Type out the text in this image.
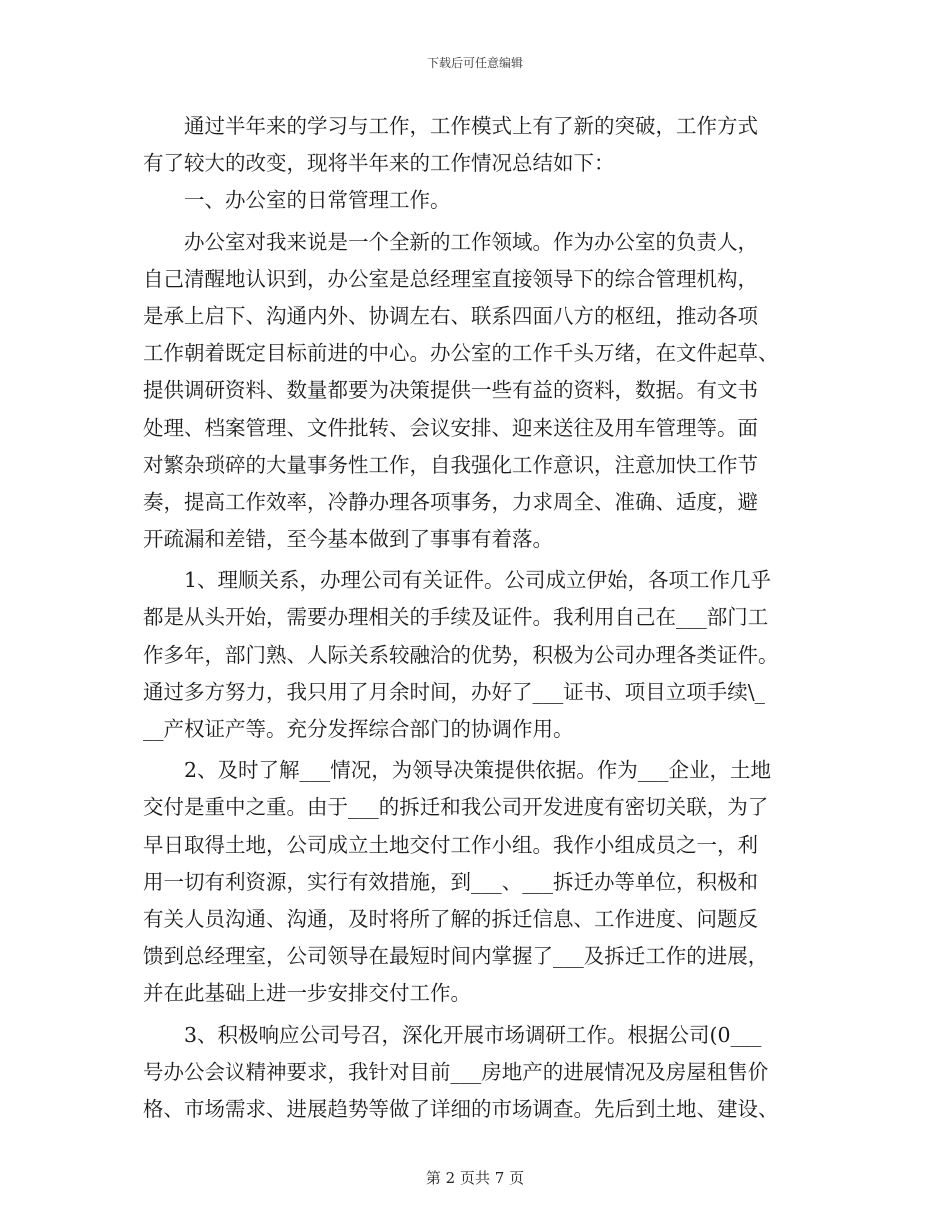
下载后可任意编辑
通过半年来的学习与工作，工作模式上有了新的突破，工作方式
有了较大的改变，现将半年来的工作情况总结如下：
一、办公室的日常管理工作。
办公室对我来说是一个全新的工作领域。作为办公室的负责人，
自己清醒地认识到，办公室是总经理室直接领导下的综合管理机构，
是承上启下、沟通内外、协调左右、联系四面八方的枢纽，推动各项
工作朝着既定目标前进的中心。办公室的工作千头万绪，在文件起草、
提供调研资料、数量都要为决策提供一些有益的资料，数据。有文书
处理、档案管理、文件批转、会议安排、迎来送往及用车管理等。面
对繁杂琐碎的大量事务性工作，自我强化工作意识，注意加快工作节
奏，提高工作效率，冷静办理各项事务，力求周全、准确、适度，避
开疏漏和差错，至今基本做到了事事有着落。
1、理顺关系，办理公司有关证件。公司成立伊始，各项工作几乎
都是从头开始，需要办理相关的手续及证件。我利用自己在___部门工
作多年，部门熟、人际关系较融洽的优势，积极为公司办理各类证件。
通过多方努力，我只用了月余时间，办好了___证书、项目立项手续\_
__产权证产等。充分发挥综合部门的协调作用。
2、及时了解___情况，为领导决策提供依据。作为___企业，土地
交付是重中之重。由于___的拆迁和我公司开发进度有密切关联，为了
早日取得土地，公司成立土地交付工作小组。我作小组成员之一，利
用一切有利资源，实行有效措施，到___、___拆迁办等单位，积极和
有关人员沟通、沟通，及时将所了解的拆迁信息、工作进度、问题反
馈到总经理室，公司领导在最短时间内掌握了___及拆迁工作的进展，
并在此基础上进一步安排交付工作。
3、积极响应公司号召，深化开展市场调研工作。根据公司(0___
号办公会议精神要求，我针对目前___房地产的进展情况及房屋租售价
格、市场需求、进展趋势等做了详细的市场调查。先后到土地、建设、
第 2 页共 7 页
